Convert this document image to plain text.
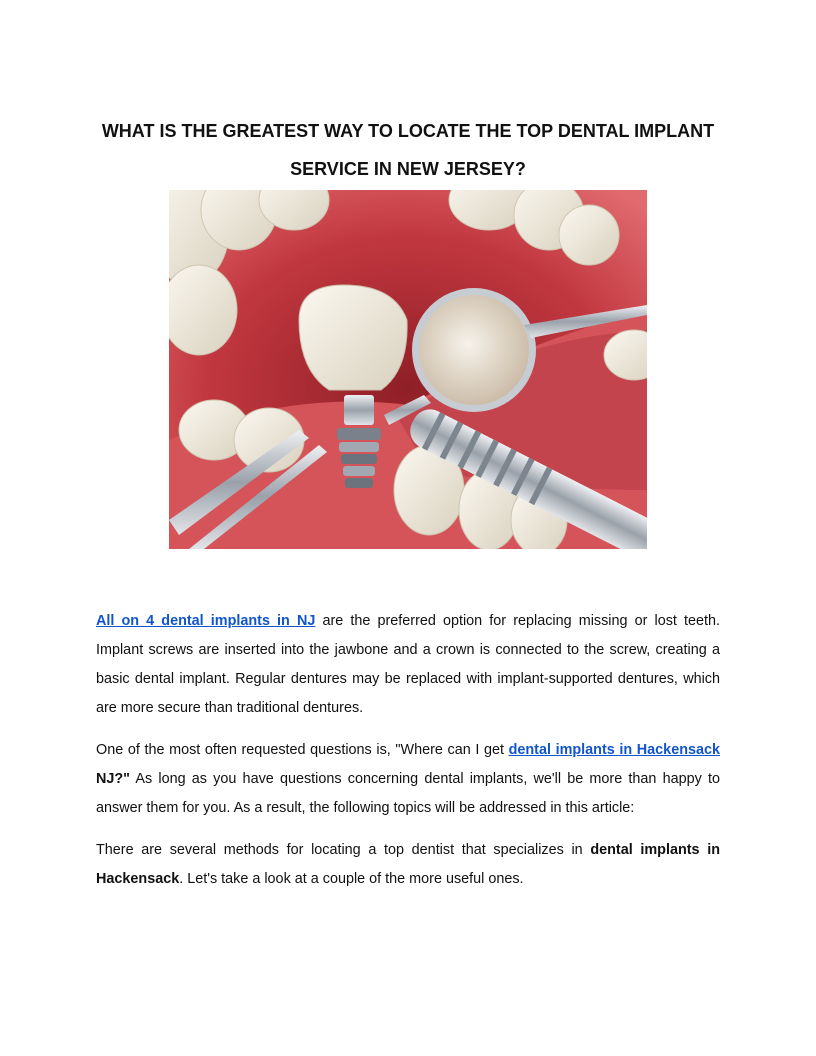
WHAT IS THE GREATEST WAY TO LOCATE THE TOP DENTAL IMPLANT
SERVICE IN NEW JERSEY?

All on 4 dental implants in NJ are the preferred option for replacing missing or lost teeth. Implant screws are inserted into the jawbone and a crown is connected to the screw, creating a basic dental implant. Regular dentures may be replaced with implant-supported dentures, which are more secure than traditional dentures.

One of the most often requested questions is, "Where can I get dental implants in Hackensack NJ?" As long as you have questions concerning dental implants, we'll be more than happy to answer them for you. As a result, the following topics will be addressed in this article:

There are several methods for locating a top dentist that specializes in dental implants in Hackensack. Let's take a look at a couple of the more useful ones.
